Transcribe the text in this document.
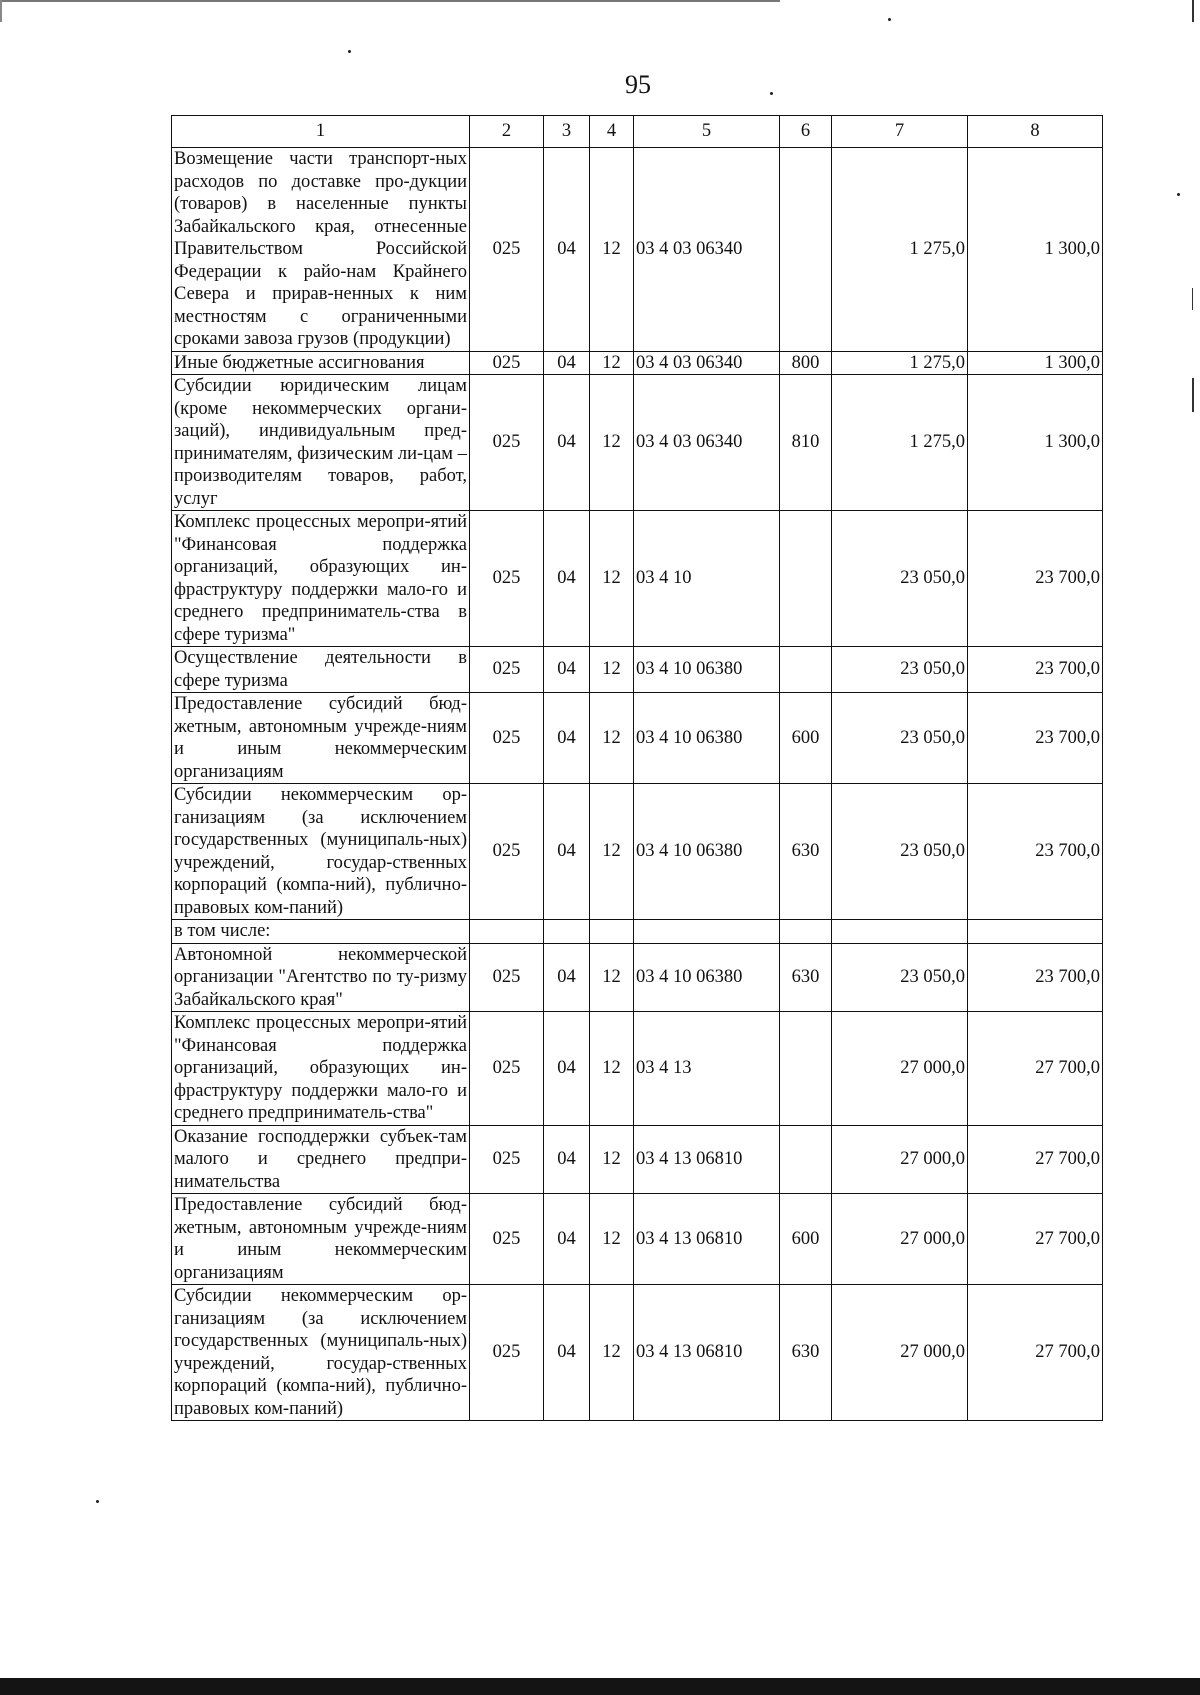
95
1	2	3	4	5	6	7	8
Возмещение части транспорт-ных расходов по доставке про-дукции (товаров) в населенные пункты Забайкальского края, отнесенные Правительством Российской Федерации к райо-нам Крайнего Севера и прирав-ненных к ним местностям с ограниченными сроками завоза грузов (продукции)	025	04	12	03 4 03 06340		1 275,0	1 300,0
Иные бюджетные ассигнования	025	04	12	03 4 03 06340	800	1 275,0	1 300,0
Субсидии юридическим лицам (кроме некоммерческих органи-заций), индивидуальным пред-принимателям, физическим ли-цам – производителям товаров, работ, услуг	025	04	12	03 4 03 06340	810	1 275,0	1 300,0
Комплекс процессных меропри-ятий "Финансовая поддержка организаций, образующих ин-фраструктуру поддержки мало-го и среднего предприниматель-ства в сфере туризма"	025	04	12	03 4 10		23 050,0	23 700,0
Осуществление деятельности в сфере туризма	025	04	12	03 4 10 06380		23 050,0	23 700,0
Предоставление субсидий бюд-жетным, автономным учрежде-ниям и иным некоммерческим организациям	025	04	12	03 4 10 06380	600	23 050,0	23 700,0
Субсидии некоммерческим ор-ганизациям (за исключением государственных (муниципаль-ных) учреждений, государ-ственных корпораций (компа-ний), публично-правовых ком-паний)	025	04	12	03 4 10 06380	630	23 050,0	23 700,0
в том числе:							
Автономной некоммерческой организации "Агентство по ту-ризму Забайкальского края"	025	04	12	03 4 10 06380	630	23 050,0	23 700,0
Комплекс процессных меропри-ятий "Финансовая поддержка организаций, образующих ин-фраструктуру поддержки мало-го и среднего предприниматель-ства"	025	04	12	03 4 13		27 000,0	27 700,0
Оказание господдержки субъек-там малого и среднего предпри-нимательства	025	04	12	03 4 13 06810		27 000,0	27 700,0
Предоставление субсидий бюд-жетным, автономным учрежде-ниям и иным некоммерческим организациям	025	04	12	03 4 13 06810	600	27 000,0	27 700,0
Субсидии некоммерческим ор-ганизациям (за исключением государственных (муниципаль-ных) учреждений, государ-ственных корпораций (компа-ний), публично-правовых ком-паний)	025	04	12	03 4 13 06810	630	27 000,0	27 700,0
